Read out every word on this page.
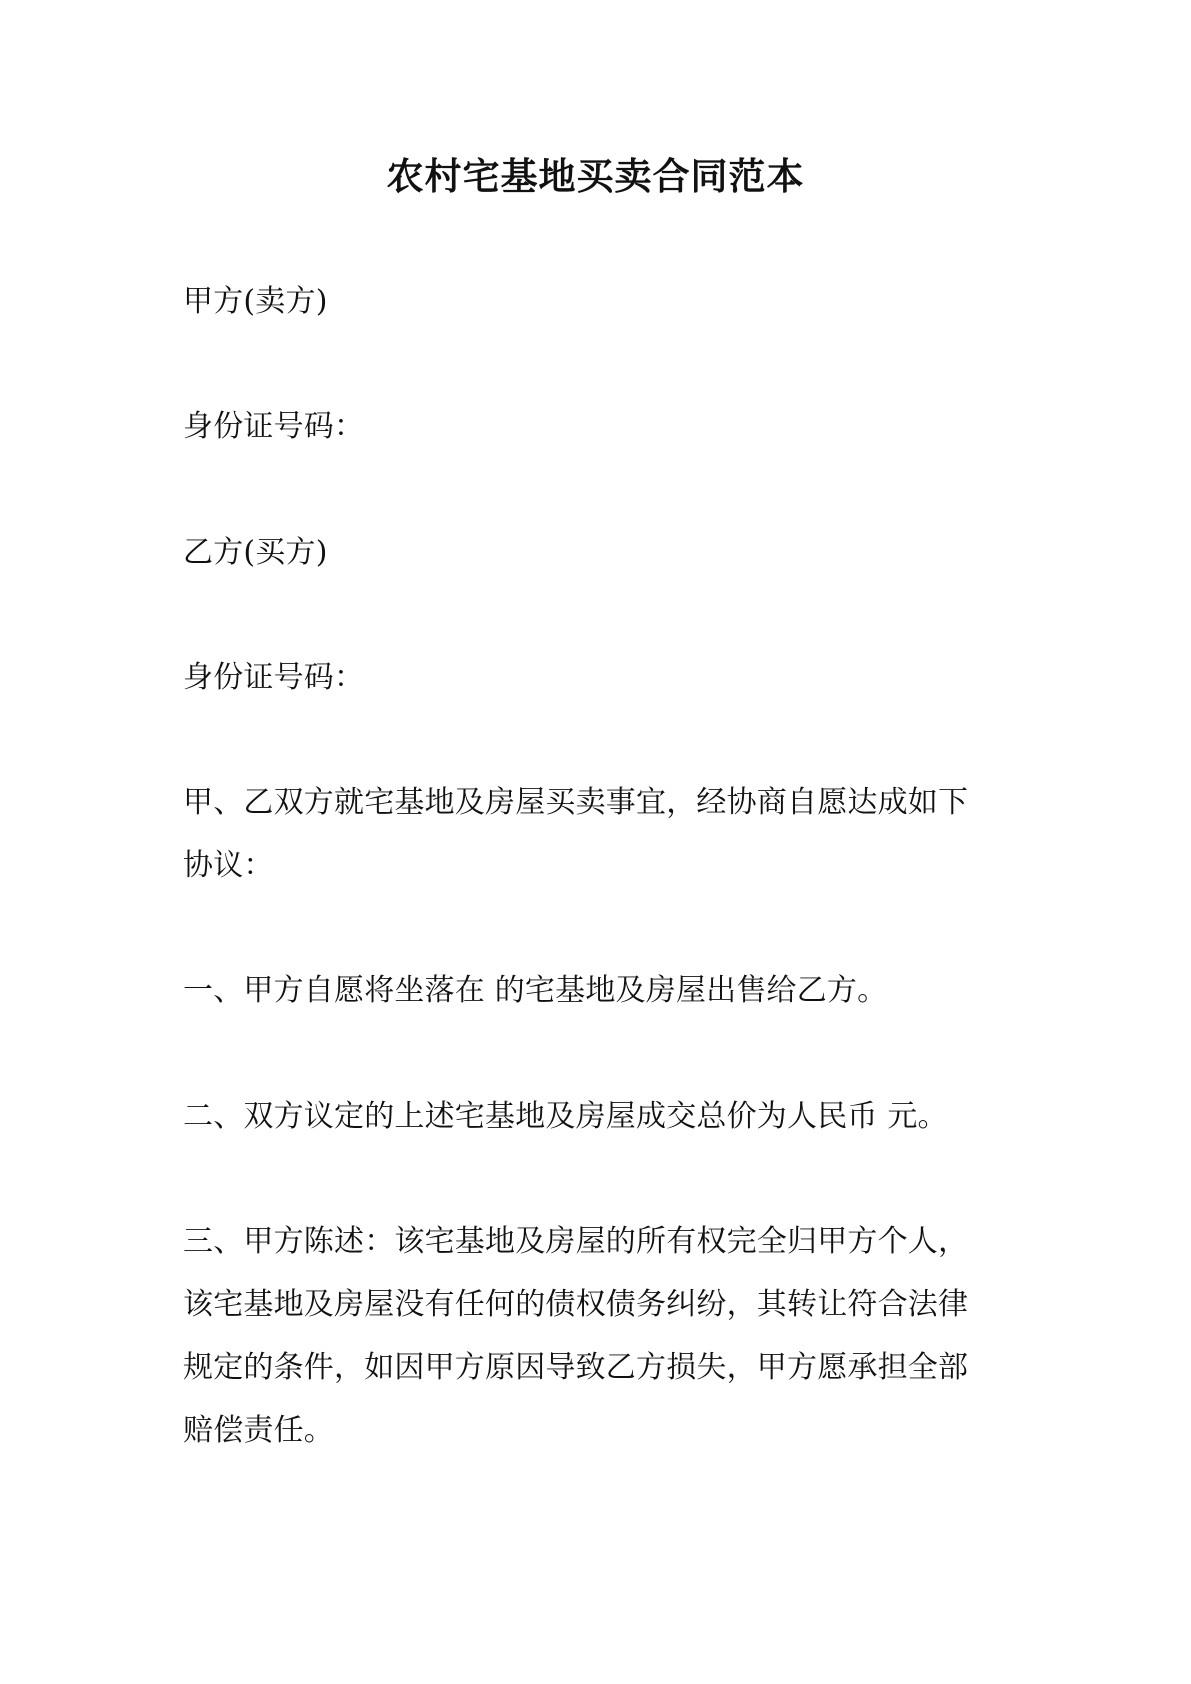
农村宅基地买卖合同范本
甲方(卖方)
身份证号码：
乙方(买方)
身份证号码：
甲、乙双方就宅基地及房屋买卖事宜，经协商自愿达成如下
协议：
一、甲方自愿将坐落在 的宅基地及房屋出售给乙方。
二、双方议定的上述宅基地及房屋成交总价为人民币 元。
三、甲方陈述：该宅基地及房屋的所有权完全归甲方个人，
该宅基地及房屋没有任何的债权债务纠纷，其转让符合法律
规定的条件，如因甲方原因导致乙方损失，甲方愿承担全部
赔偿责任。
